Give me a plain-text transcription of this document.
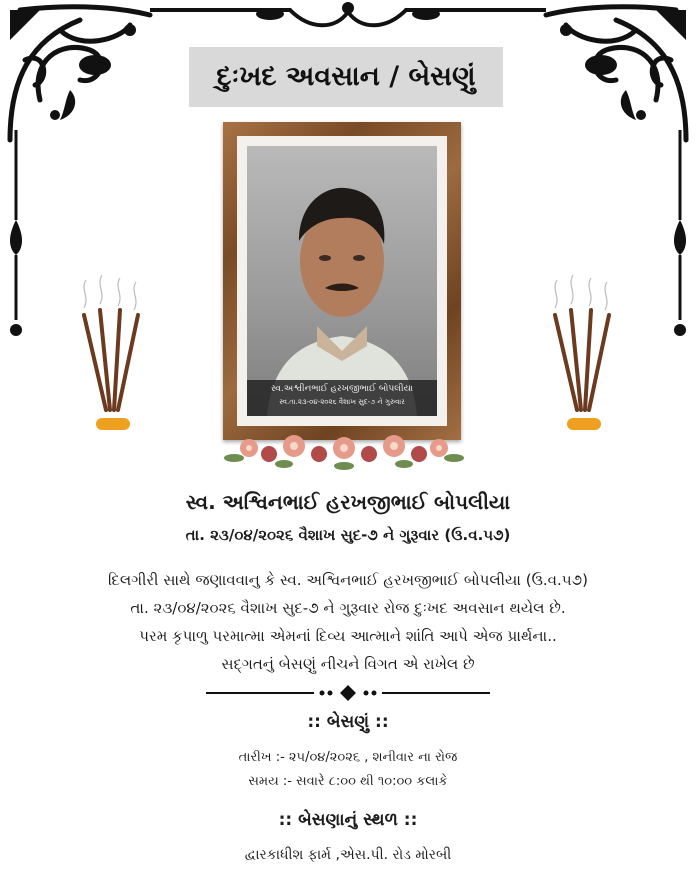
દુઃખદ અવસાન / બેસણું
સ્વ.અશ્વીનભાઈ હરખજીભાઈ બોપલીયા
સ્વ.તા.૨૩-૦૪-૨૦૨૬ વૈશાખ સુદ-૭ ને ગુરુવાર
સ્વ. અશ્વિનભાઈ હરખજીભાઈ બોપલીયા
તા. ૨૩/૦૪/૨૦૨૬ વૈશાખ સુદ-૭ ને ગુરૂવાર (ઉ.વ.૫૭)
દિલગીરી સાથે જણાવવાનુ કે સ્વ. અશ્વિનભાઈ હરખજીભાઈ બોપલીયા (ઉ.વ.૫૭)
તા. ૨૩/૦૪/૨૦૨૬ વૈશાખ સુદ-૭ ને ગુરૂવાર રોજ દુઃખદ અવસાન થયેલ છે.
પરમ કૃપાળુ પરમાત્મા એમનાં દિવ્ય આત્માને શાંતિ આપે એજ પ્રાર્થના..
સદ્ગતનું બેસણું નીચને વિગત એ રાખેલ છે
:: બેસણું ::
તારીખ :- ૨૫/૦૪/૨૦૨૬ , શનીવાર ના રોજ
સમય :- સવારે ૮:૦૦ થી ૧૦:૦૦ કલાકે
:: બેસણાનું સ્થળ ::
દ્વારકાધીશ ફાર્મ ,એસ.પી. રોડ મોરબી
